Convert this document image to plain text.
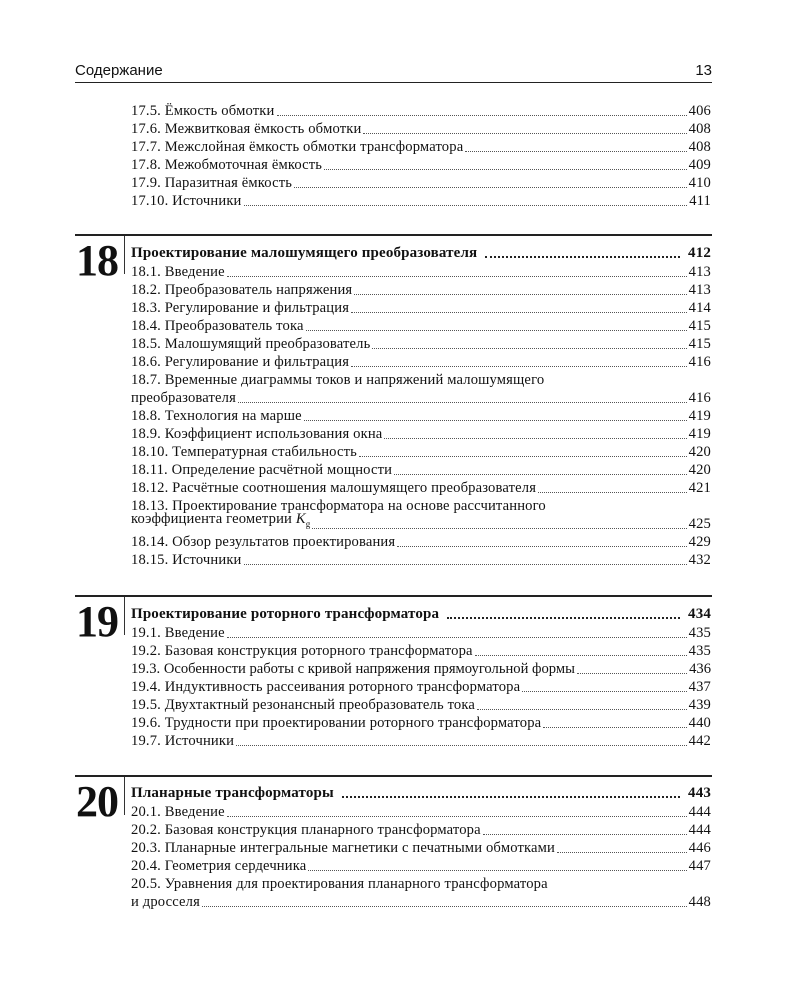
Содержание	13
17.5. Ёмкость обмотки	406
17.6. Межвитковая ёмкость обмотки	408
17.7. Межслойная ёмкость обмотки трансформатора	408
17.8. Межобмоточная ёмкость	409
17.9. Паразитная ёмкость	410
17.10. Источники	411
18 Проектирование малошумящего преобразователя	412
18.1. Введение	413
18.2. Преобразователь напряжения	413
18.3. Регулирование и фильтрация	414
18.4. Преобразователь тока	415
18.5. Малошумящий преобразователь	415
18.6. Регулирование и фильтрация	416
18.7. Временные диаграммы токов и напряжений малошумящего
преобразователя	416
18.8. Технология на марше	419
18.9. Коэффициент использования окна	419
18.10. Температурная стабильность	420
18.11. Определение расчётной мощности	420
18.12. Расчётные соотношения малошумящего преобразователя	421
18.13. Проектирование трансформатора на основе рассчитанного
коэффициента геометрии $K_g$	425
18.14. Обзор результатов проектирования	429
18.15. Источники	432
19 Проектирование роторного трансформатора	434
19.1. Введение	435
19.2. Базовая конструкция роторного трансформатора	435
19.3. Особенности работы с кривой напряжения прямоугольной формы	436
19.4. Индуктивность рассеивания роторного трансформатора	437
19.5. Двухтактный резонансный преобразователь тока	439
19.6. Трудности при проектировании роторного трансформатора	440
19.7. Источники	442
20 Планарные трансформаторы	443
20.1. Введение	444
20.2. Базовая конструкция планарного трансформатора	444
20.3. Планарные интегральные магнетики с печатными обмотками	446
20.4. Геометрия сердечника	447
20.5. Уравнения для проектирования планарного трансформатора
и дросселя	448
